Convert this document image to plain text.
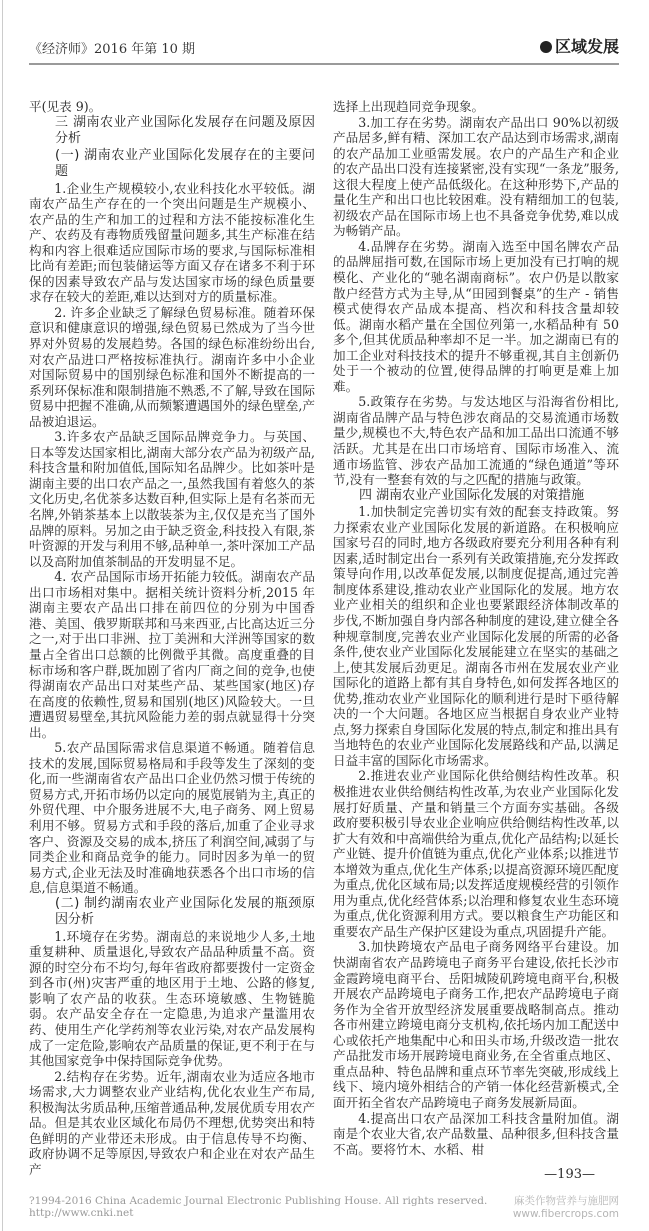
《经济师》2016 年第 10 期	区域发展

平(见表 9)。

三 湖南农业产业国际化发展存在问题及原因分析
(一) 湖南农业产业国际化发展存在的主要问题

1.企业生产规模较小,农业科技化水平较低。湖南农产品生产存在的一个突出问题是生产规模小、农产品的生产和加工的过程和方法不能按标准化生产、农药及有毒物质残留量问题多,其生产标准在结构和内容上很难适应国际市场的要求,与国际标准相比尚有差距;而包装储运等方面又存在诸多不利于环保的因素导致农产品与发达国家市场的绿色质量要求存在较大的差距,难以达到对方的质量标准。

2. 许多企业缺乏了解绿色贸易标准。随着环保意识和健康意识的增强,绿色贸易已然成为了当今世界对外贸易的发展趋势。各国的绿色标准纷纷出台,对农产品进口严格按标准执行。湖南许多中小企业对国际贸易中的国别绿色标准和国外不断提高的一系列环保标准和限制措施不熟悉,不了解,导致在国际贸易中把握不准确,从而频繁遭遇国外的绿色壁垒,产品被迫退运。

3.许多农产品缺乏国际品牌竞争力。与英国、日本等发达国家相比,湖南大部分农产品为初级产品,科技含量和附加值低,国际知名品牌少。比如茶叶是湖南主要的出口农产品之一,虽然我国有着悠久的茶文化历史,名优茶多达数百种,但实际上是有名茶而无名牌,外销茶基本上以散装茶为主,仅仅是充当了国外品牌的原料。另加之由于缺乏资金,科技投入有限,茶叶资源的开发与利用不够,品种单一,茶叶深加工产品以及高附加值茶制品的开发明显不足。

4. 农产品国际市场开拓能力较低。湖南农产品出口市场相对集中。据相关统计资料分析,2015 年湖南主要农产品出口排在前四位的分别为中国香港、美国、俄罗斯联邦和马来西亚,占比高达近三分之一,对于出口非洲、拉丁美洲和大洋洲等国家的数量占全省出口总额的比例微乎其微。高度重叠的目标市场和客户群,既加剧了省内厂商之间的竞争,也使得湖南农产品出口对某些产品、某些国家(地区)存在高度的依赖性,贸易和国别(地区)风险较大。一旦遭遇贸易壁垒,其抗风险能力差的弱点就显得十分突出。

5.农产品国际需求信息渠道不畅通。随着信息技术的发展,国际贸易格局和手段等发生了深刻的变化,而一些湖南省农产品出口企业仍然习惯于传统的贸易方式,开拓市场仍以定向的展览展销为主,真正的外贸代理、中介服务进展不大,电子商务、网上贸易利用不够。贸易方式和手段的落后,加重了企业寻求客户、资源及交易的成本,挤压了利润空间,减弱了与同类企业和商品竞争的能力。同时因多为单一的贸易方式,企业无法及时准确地获悉各个出口市场的信息,信息渠道不畅通。

(二) 制约湖南农业产业国际化发展的瓶颈原因分析

1.环境存在劣势。湖南总的来说地少人多,土地重复耕种、质量退化,导致农产品品种质量不高。资源的时空分布不均匀,每年省政府都要拨付一定资金到各市(州)灾害严重的地区用于土地、公路的修复,影响了农产品的收获。生态环境敏感、生物链脆弱。农产品安全存在一定隐患,为追求产量滥用农药、使用生产化学药剂等农业污染,对农产品发展构成了一定危险,影响农产品质量的保证,更不利于在与其他国家竞争中保持国际竞争优势。

2.结构存在劣势。近年,湖南农业为适应各地市场需求,大力调整农业产业结构,优化农业生产布局,积极淘汰劣质品种,压缩普通品种,发展优质专用农产品。但是其农业区域化布局仍不理想,优势突出和特色鲜明的产业带还未形成。由于信息传导不均衡、政府协调不足等原因,导致农户和企业在对农产品生产

选择上出现趋同竞争现象。

3.加工存在劣势。湖南农产品出口 90%以初级产品居多,鲜有精、深加工农产品达到市场需求,湖南的农产品加工业亟需发展。农户的产品生产和企业的农产品出口没有连接紧密,没有实现“一条龙”服务,这很大程度上使产品低级化。在这种形势下,产品的量化生产和出口也比较困难。没有精细加工的包装,初级农产品在国际市场上也不具备竞争优势,难以成为畅销产品。

4.品牌存在劣势。湖南入选至中国名牌农产品的品牌屈指可数,在国际市场上更加没有已打响的规模化、产业化的“驰名湖南商标”。农户仍是以散家散户经营方式为主导,从“田园到餐桌”的生产 - 销售模式使得农产品成本提高、档次和科技含量却较低。湖南水稻产量在全国位列第一,水稻品种有 50 多个,但其优质品种率却不足一半。加之湖南已有的加工企业对科技技术的提升不够重视,其自主创新仍处于一个被动的位置,使得品牌的打响更是难上加难。

5.政策存在劣势。与发达地区与沿海省份相比,湖南省品牌产品与特色涉农商品的交易流通市场数量少,规模也不大,特色农产品和加工品出口流通不够活跃。尤其是在出口市场培育、国际市场准入、流通市场监管、涉农产品加工流通的“绿色通道”等环节,没有一整套有效的与之匹配的措施与政策。

四 湖南农业产业国际化发展的对策措施

1.加快制定完善切实有效的配套支持政策。努力探索农业产业国际化发展的新道路。在积极响应国家号召的同时,地方各级政府要充分利用各种有利因素,适时制定出台一系列有关政策措施,充分发挥政策导向作用,以改革促发展,以制度促提高,通过完善制度体系建设,推动农业产业国际化的发展。地方农业产业相关的组织和企业也要紧跟经济体制改革的步伐,不断加强自身内部各种制度的建设,建立健全各种规章制度,完善农业产业国际化发展的所需的必备条件,使农业产业国际化发展能建立在坚实的基础之上,使其发展后劲更足。湖南各市州在发展农业产业国际化的道路上都有其自身特色,如何发挥各地区的优势,推动农业产业国际化的顺利进行是时下亟待解决的一个大问题。各地区应当根据自身农业产业特点,努力探索自身国际化发展的特点,制定和推出具有当地特色的农业产业国际化发展路线和产品,以满足日益丰富的国际化市场需求。

2.推进农业产业国际化供给侧结构性改革。积极推进农业供给侧结构性改革,为农业产业国际化发展打好质量、产量和销量三个方面夯实基础。各级政府要积极引导农业企业响应供给侧结构性改革,以扩大有效和中高端供给为重点,优化产品结构;以延长产业链、提升价值链为重点,优化产业体系;以推进节本增效为重点,优化生产体系;以提高资源环境匹配度为重点,优化区域布局;以发挥适度规模经营的引领作用为重点,优化经营体系;以治理和修复农业生态环境为重点,优化资源利用方式。要以粮食生产功能区和重要农产品生产保护区建设为重点,巩固提升产能。

3.加快跨境农产品电子商务网络平台建设。加快湖南省农产品跨境电子商务平台建设,依托长沙市金霞跨境电商平台、岳阳城陵矶跨境电商平台,积极开展农产品跨境电子商务工作,把农产品跨境电子商务作为全省开放型经济发展重要战略制高点。推动各市州建立跨境电商分支机构,依托场内加工配送中心或依托产地集配中心和田头市场,升级改造一批农产品批发市场开展跨境电商业务,在全省重点地区、重点品种、特色品牌和重点环节率先突破,形成线上线下、境内境外相结合的产销一体化经营新模式,全面开拓全省农产品跨境电子商务发展新局面。

4.提高出口农产品深加工科技含量附加值。湖南是个农业大省,农产品数量、品种很多,但科技含量不高。要将竹木、水稻、柑

—193—
?1994-2016 China Academic Journal Electronic Publishing House. All rights reserved. http://www.cnki.net
麻类作物营养与施肥网
www.fibercrops.com
